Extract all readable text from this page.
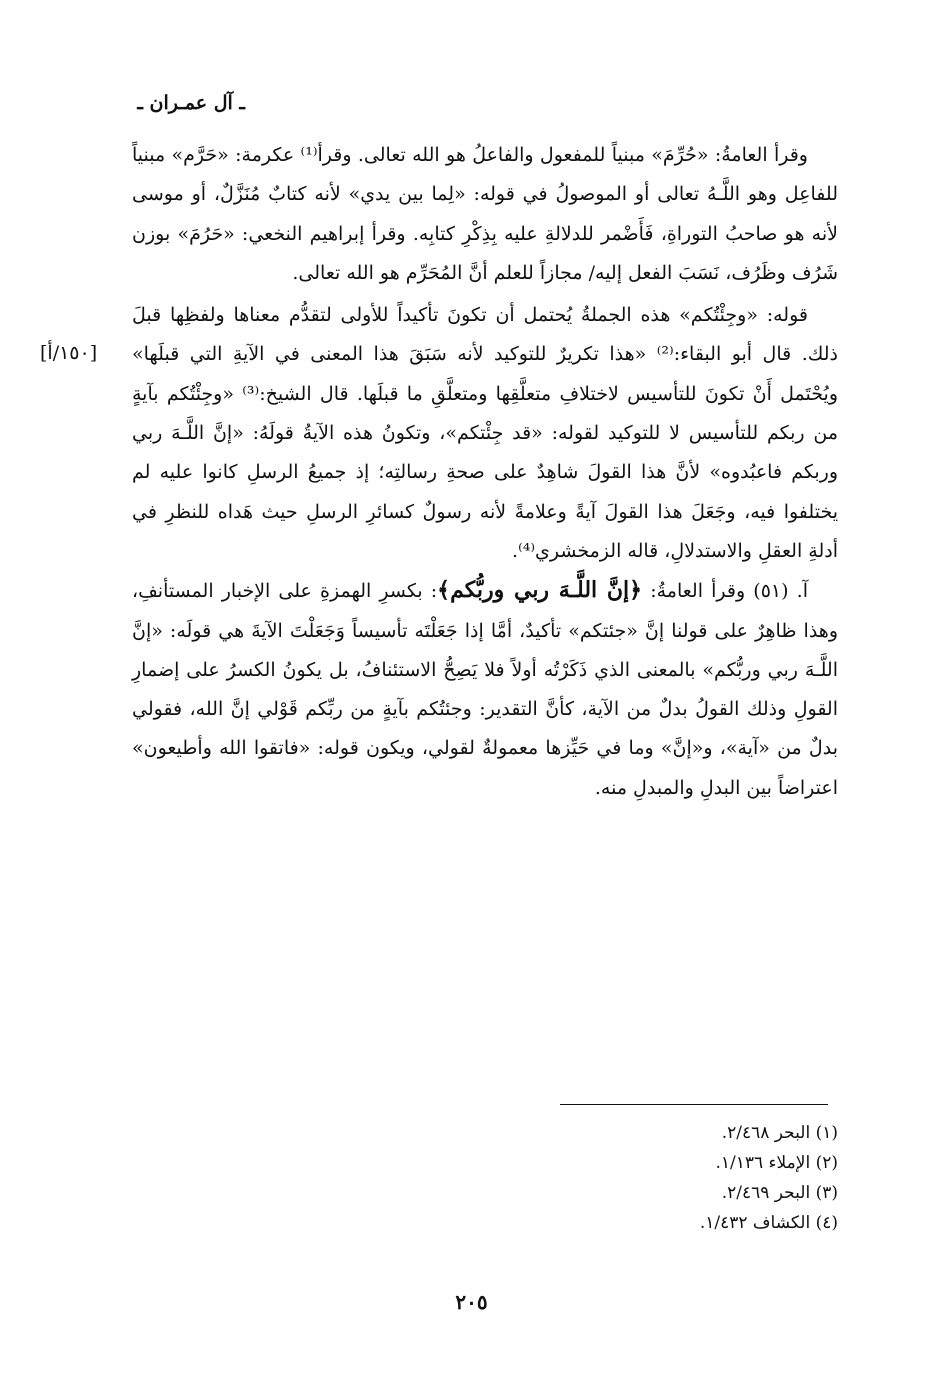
ـ آل عمـران ـ
[١٥٠/أ]

وقرأ العامةُ: «حُرِّمَ» مبنياً للمفعول والفاعلُ هو الله تعالى. وقرأ⁽¹⁾ عكرمة: «حَرَّم» مبنياً للفاعِل وهو اللَّـهُ تعالى أو الموصولُ في قوله: «لِما بين يدي» لأنه كتابٌ مُنَزَّلٌ، أو موسى لأنه هو صاحبُ التوراةِ، فَأَضْمر للدلالةِ عليه بِذِكْرِ كتابِه. وقرأ إبراهيم النخعي: «حَرُمَ» بوزن شَرُف وظَرُف، نَسَبَ الفعل إليه/ مجازاً للعلم أنَّ المُحَرِّم هو الله تعالى.

قوله: «وجِئْتُكم» هذه الجملةُ يُحتمل أن تكونَ تأكيداً للأولى لتقدُّم معناها ولفظِها قبلَ ذلك. قال أبو البقاء:⁽²⁾ «هذا تكريرٌ للتوكيد لأنه سَبَقَ هذا المعنى في الآيةِ التي قبلَها» ويُحْتَمل أَنْ تكونَ للتأسيس لاختلافِ متعلَّقِها ومتعلَّقِ ما قبلَها. قال الشيخ:⁽³⁾ «وجِئْتُكم بآيةٍ من ربكم للتأسيس لا للتوكيد لقوله: «قد جِئْتكم»، وتكونُ هذه الآيةُ قولَهُ: «إنَّ اللَّـهَ ربي وربكم فاعبُدوه» لأنَّ هذا القولَ شاهِدٌ على صحةِ رسالتِه؛ إذ جميعُ الرسلِ كانوا عليه لم يختلفوا فيه، وجَعَلَ هذا القولَ آيةً وعلامةً لأنه رسولٌ كسائرِ الرسلِ حيث هَداه للنظرِ في أدلةِ العقلِ والاستدلالِ، قاله الزمخشري⁽⁴⁾.

آ. (٥١) وقرأ العامةُ: ﴿إنَّ اللَّـهَ ربي وربُّكم﴾: بكسرِ الهمزةِ على الإخبار المستأنفِ، وهذا ظاهِرٌ على قولنا إنَّ «جئتكم» تأكيدٌ، أمَّا إذا جَعَلْتَه تأسيساً وَجَعَلْتَ الآيةَ هي قولَه: «إنَّ اللَّـهَ ربي وربُّكم» بالمعنى الذي ذَكَرْتُه أولاً فلا يَصِحُّ الاستئنافُ، بل يكونُ الكسرُ على إضمارِ القولِ وذلك القولُ بدلٌ من الآية، كأنَّ التقدير: وجئتُكم بآيةٍ من ربِّكم قَوْلي إنَّ الله، فقولي بدلٌ من «آية»، و«إنَّ» وما في حَيِّزها معمولةٌ لقولي، ويكون قوله: «فاتقوا الله وأطيعون» اعتراضاً بين البدلِ والمبدلِ منه.

(١) البحر ٢/٤٦٨.
(٢) الإملاء ١/١٣٦.
(٣) البحر ٢/٤٦٩.
(٤) الكشاف ١/٤٣٢.
٢٠٥
